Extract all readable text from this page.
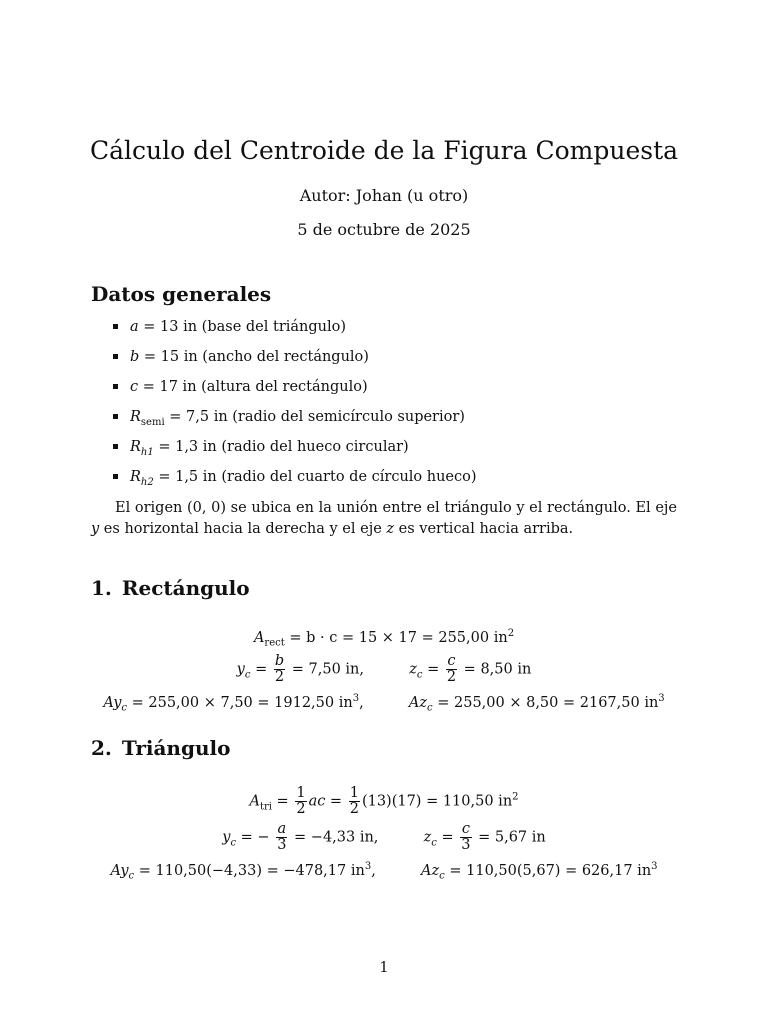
Cálculo del Centroide de la Figura Compuesta
Autor: Johan (u otro)
5 de octubre de 2025
Datos generales
a = 13 in (base del triángulo)
b = 15 in (ancho del rectángulo)
c = 17 in (altura del rectángulo)
$R_{semi} = 7,5$ in (radio del semicírculo superior)
$R_{h1} = 1,3$ in (radio del hueco circular)
$R_{h2} = 1,5$ in (radio del cuarto de círculo hueco)
El origen (0, 0) se ubica en la unión entre el triángulo y el rectángulo. El eje y es horizontal hacia la derecha y el eje z es vertical hacia arriba.
1. Rectángulo
$A_{rect} = b \cdot c = 15 \times 17 = 255,00$ $in^2$
$y_c = \frac{b}{2} = 7,50$ in,	$z_c = \frac{c}{2} = 8,50$ in
$Ay_c = 255,00 \times 7,50 = 1912,50$ $in^3$,	$Az_c = 255,00 \times 8,50 = 2167,50$ $in^3$
2. Triángulo
$A_{tri} = \frac{1}{2}$ ac = $\frac{1}{2} (13)(17) = 110,50$ $in^2$
$y_c$ = − $\frac{a}{3} = -4,33$ in,	$z_c = \frac{c}{3} = 5,67$ in
$Ay_c = 110,50(-4,33) = -478,17$ $in^3$,	$Az_c = 110,50(5,67) = 626,17$ $in^3$
1
